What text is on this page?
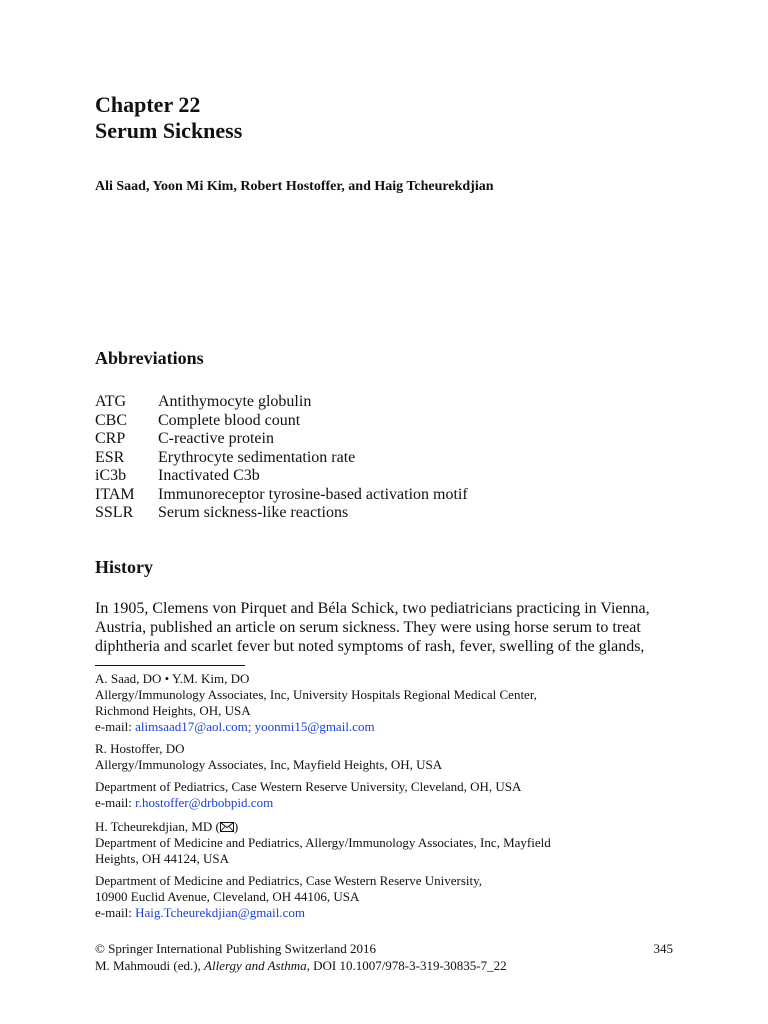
Chapter 22
Serum Sickness
Ali Saad, Yoon Mi Kim, Robert Hostoffer, and Haig Tcheurekdjian
Abbreviations
ATG Antithymocyte globulin
CBC Complete blood count
CRP C-reactive protein
ESR Erythrocyte sedimentation rate
iC3b Inactivated C3b
ITAM Immunoreceptor tyrosine-based activation motif
SSLR Serum sickness-like reactions
History
In 1905, Clemens von Pirquet and Béla Schick, two pediatricians practicing in Vienna,
Austria, published an article on serum sickness. They were using horse serum to treat
diphtheria and scarlet fever but noted symptoms of rash, fever, swelling of the glands,
A. Saad, DO • Y.M. Kim, DO
Allergy/Immunology Associates, Inc, University Hospitals Regional Medical Center,
Richmond Heights, OH, USA
e-mail: alimsaad17@aol.com; yoonmi15@gmail.com
R. Hostoffer, DO
Allergy/Immunology Associates, Inc, Mayfield Heights, OH, USA
Department of Pediatrics, Case Western Reserve University, Cleveland, OH, USA
e-mail: r.hostoffer@drbobpid.com
H. Tcheurekdjian, MD ( )
Department of Medicine and Pediatrics, Allergy/Immunology Associates, Inc, Mayfield
Heights, OH 44124, USA
Department of Medicine and Pediatrics, Case Western Reserve University,
10900 Euclid Avenue, Cleveland, OH 44106, USA
e-mail: Haig.Tcheurekdjian@gmail.com
© Springer International Publishing Switzerland 2016	345
M. Mahmoudi (ed.), Allergy and Asthma, DOI 10.1007/978-3-319-30835-7_22
